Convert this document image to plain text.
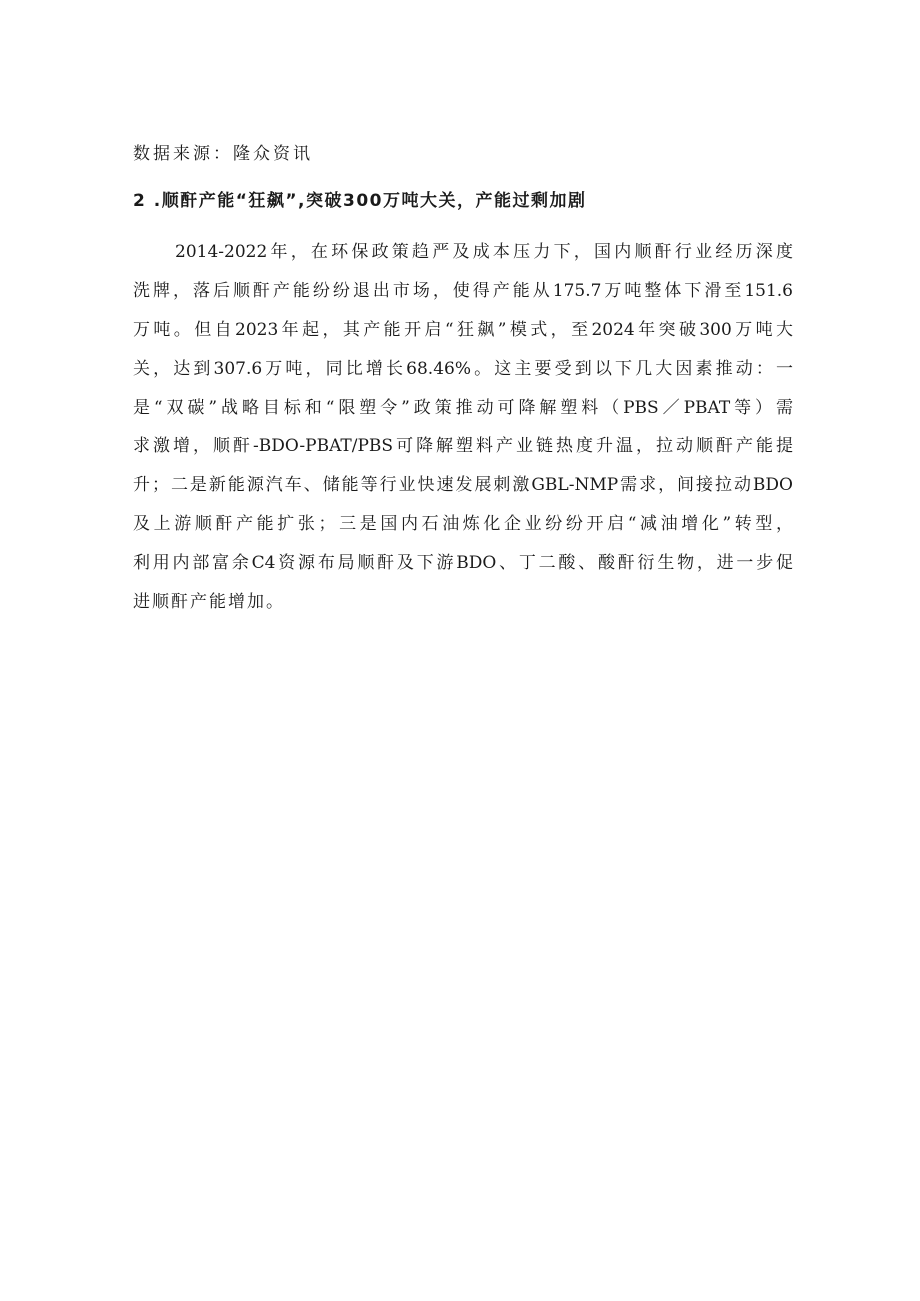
数据来源：隆众资讯
2 .顺酐产能“狂飙”,突破300万吨大关，产能过剩加剧
2014-2022年，在环保政策趋严及成本压力下，国内顺酐行业经历深度
洗牌，落后顺酐产能纷纷退出市场，使得产能从175.7万吨整体下滑至151.6
万吨。但自2023年起，其产能开启“狂飙”模式，至2024年突破300万吨大
关，达到307.6万吨，同比增长68.46%。这主要受到以下几大因素推动：一
是“双碳”战略目标和“限塑令”政策推动可降解塑料（PBS／PBAT等）需
求激增，顺酐-BDO-PBAT/PBS可降解塑料产业链热度升温，拉动顺酐产能提
升；二是新能源汽车、储能等行业快速发展刺激GBL-NMP需求，间接拉动BDO
及上游顺酐产能扩张；三是国内石油炼化企业纷纷开启“减油增化”转型，
利用内部富余C4资源布局顺酐及下游BDO、丁二酸、酸酐衍生物，进一步促
进顺酐产能增加。
